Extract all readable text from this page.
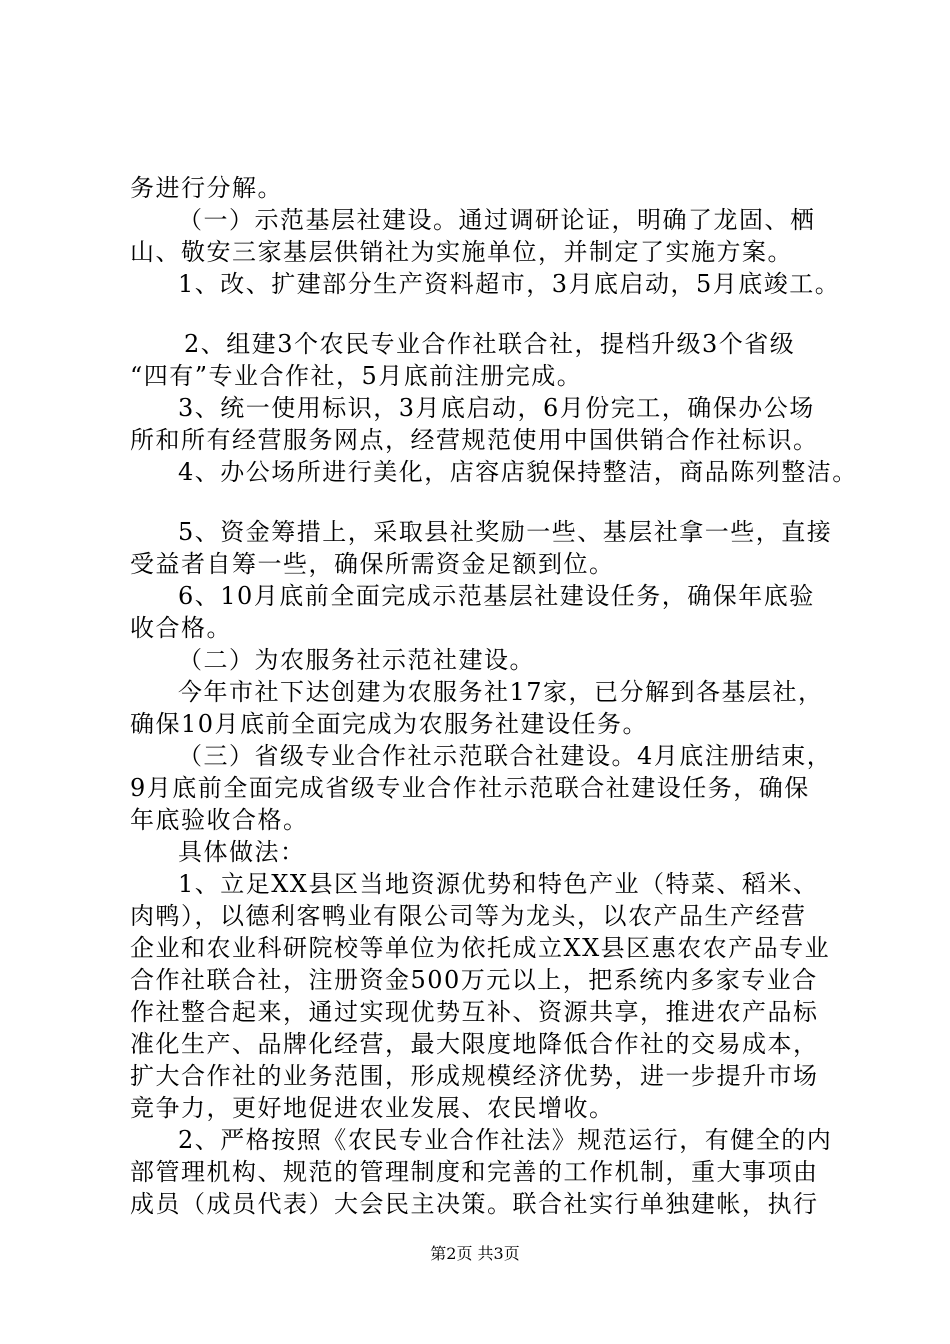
务进行分解。
（一）示范基层社建设。通过调研论证，明确了龙固、栖
山、敬安三家基层供销社为实施单位，并制定了实施方案。
1、改、扩建部分生产资料超市，3月底启动，5月底竣工。
2、组建3个农民专业合作社联合社，提档升级3个省级
“四有”专业合作社，5月底前注册完成。
3、统一使用标识，3月底启动，6月份完工，确保办公场
所和所有经营服务网点，经营规范使用中国供销合作社标识。
4、办公场所进行美化，店容店貌保持整洁，商品陈列整洁。
5、资金筹措上，采取县社奖励一些、基层社拿一些，直接
受益者自筹一些，确保所需资金足额到位。
6、10月底前全面完成示范基层社建设任务，确保年底验
收合格。
（二）为农服务社示范社建设。
今年市社下达创建为农服务社17家，已分解到各基层社，
确保10月底前全面完成为农服务社建设任务。
（三）省级专业合作社示范联合社建设。4月底注册结束，
9月底前全面完成省级专业合作社示范联合社建设任务，确保
年底验收合格。
具体做法：
1、立足XX县区当地资源优势和特色产业（特菜、稻米、
肉鸭），以德利客鸭业有限公司等为龙头，以农产品生产经营
企业和农业科研院校等单位为依托成立XX县区惠农农产品专业
合作社联合社，注册资金500万元以上，把系统内多家专业合
作社整合起来，通过实现优势互补、资源共享，推进农产品标
准化生产、品牌化经营，最大限度地降低合作社的交易成本，
扩大合作社的业务范围，形成规模经济优势，进一步提升市场
竞争力，更好地促进农业发展、农民增收。
2、严格按照《农民专业合作社法》规范运行，有健全的内
部管理机构、规范的管理制度和完善的工作机制，重大事项由
成员（成员代表）大会民主决策。联合社实行单独建帐，执行
第2页 共3页
